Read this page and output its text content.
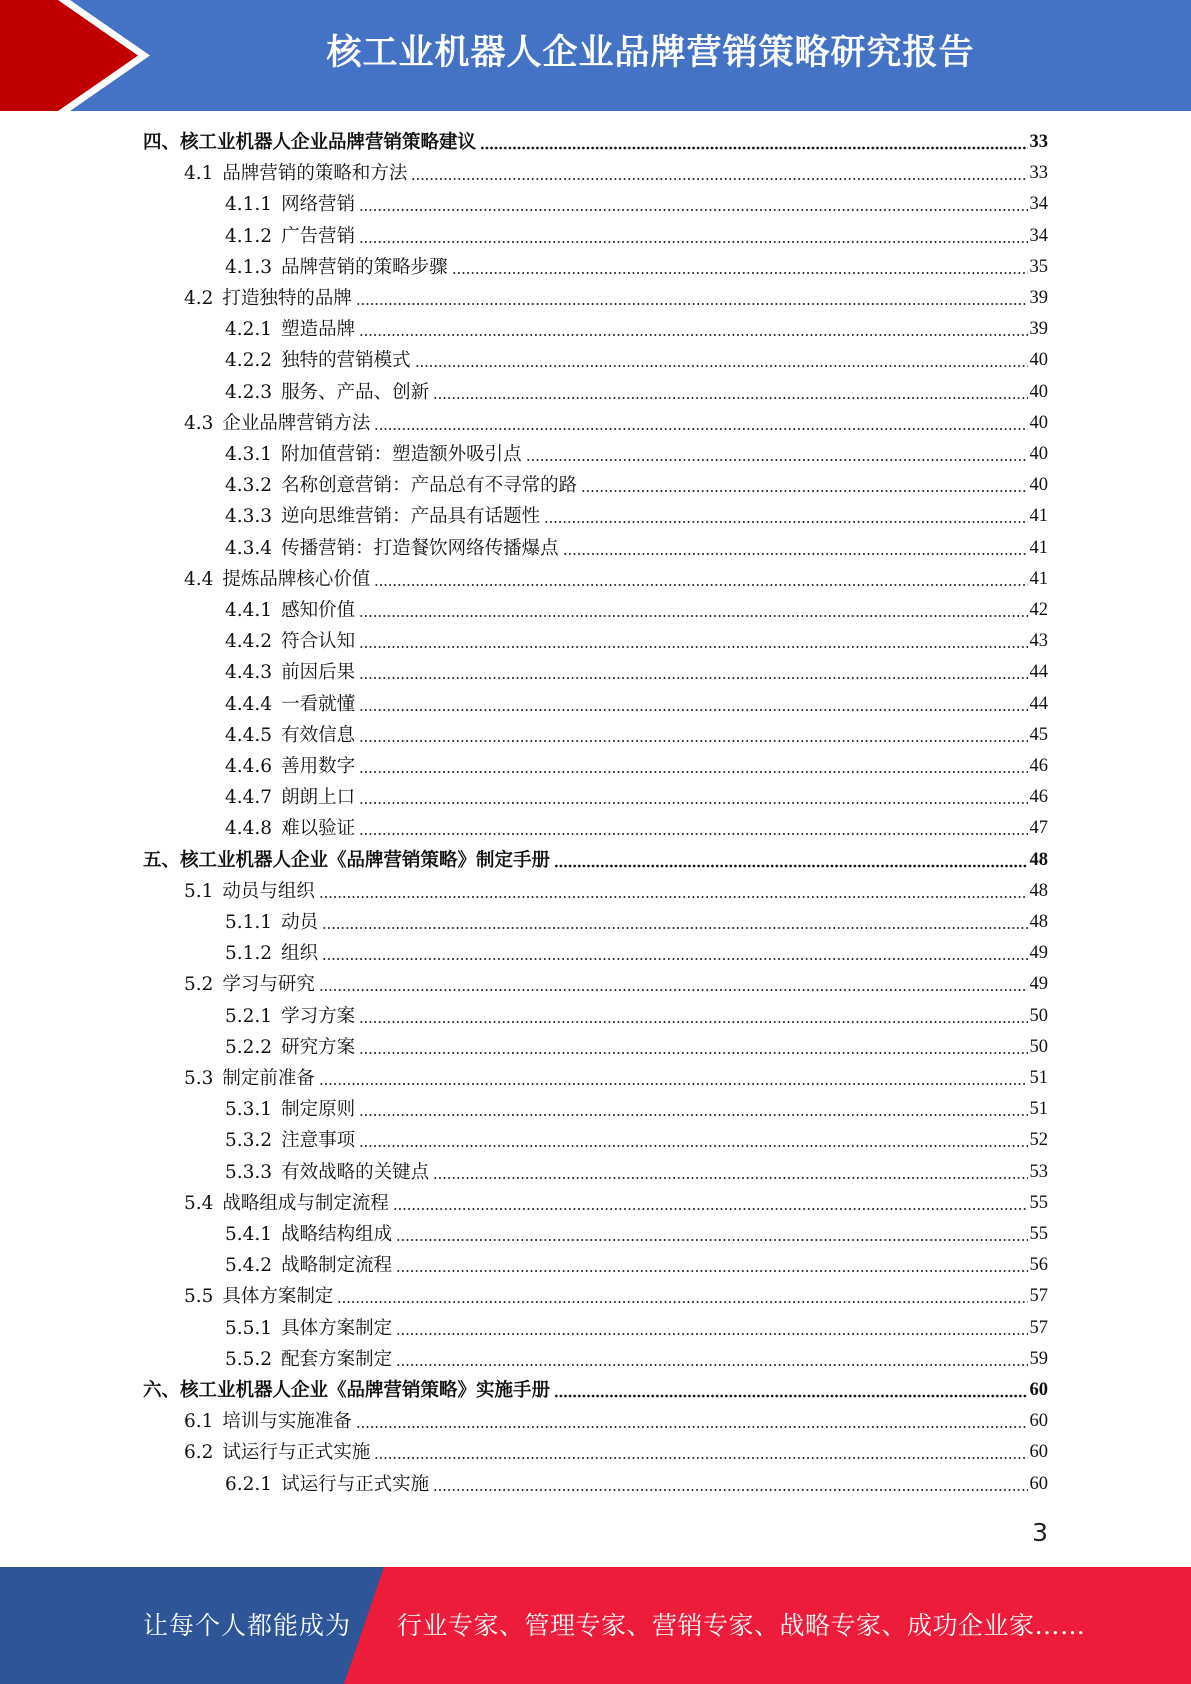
核工业机器人企业品牌营销策略研究报告
四、核工业机器人企业品牌营销策略建议	33
4.1 品牌营销的策略和方法	33
4.1.1 网络营销	34
4.1.2 广告营销	34
4.1.3 品牌营销的策略步骤	35
4.2 打造独特的品牌	39
4.2.1 塑造品牌	39
4.2.2 独特的营销模式	40
4.2.3 服务、产品、创新	40
4.3 企业品牌营销方法	40
4.3.1 附加值营销：塑造额外吸引点	40
4.3.2 名称创意营销：产品总有不寻常的路	40
4.3.3 逆向思维营销：产品具有话题性	41
4.3.4 传播营销：打造餐饮网络传播爆点	41
4.4 提炼品牌核心价值	41
4.4.1 感知价值	42
4.4.2 符合认知	43
4.4.3 前因后果	44
4.4.4 一看就懂	44
4.4.5 有效信息	45
4.4.6 善用数字	46
4.4.7 朗朗上口	46
4.4.8 难以验证	47
五、核工业机器人企业《品牌营销策略》制定手册	48
5.1 动员与组织	48
5.1.1 动员	48
5.1.2 组织	49
5.2 学习与研究	49
5.2.1 学习方案	50
5.2.2 研究方案	50
5.3 制定前准备	51
5.3.1 制定原则	51
5.3.2 注意事项	52
5.3.3 有效战略的关键点	53
5.4 战略组成与制定流程	55
5.4.1 战略结构组成	55
5.4.2 战略制定流程	56
5.5 具体方案制定	57
5.5.1 具体方案制定	57
5.5.2 配套方案制定	59
六、核工业机器人企业《品牌营销策略》实施手册	60
6.1 培训与实施准备	60
6.2 试运行与正式实施	60
6.2.1 试运行与正式实施	60
3
让每个人都能成为 行业专家、管理专家、营销专家、战略专家、成功企业家……
